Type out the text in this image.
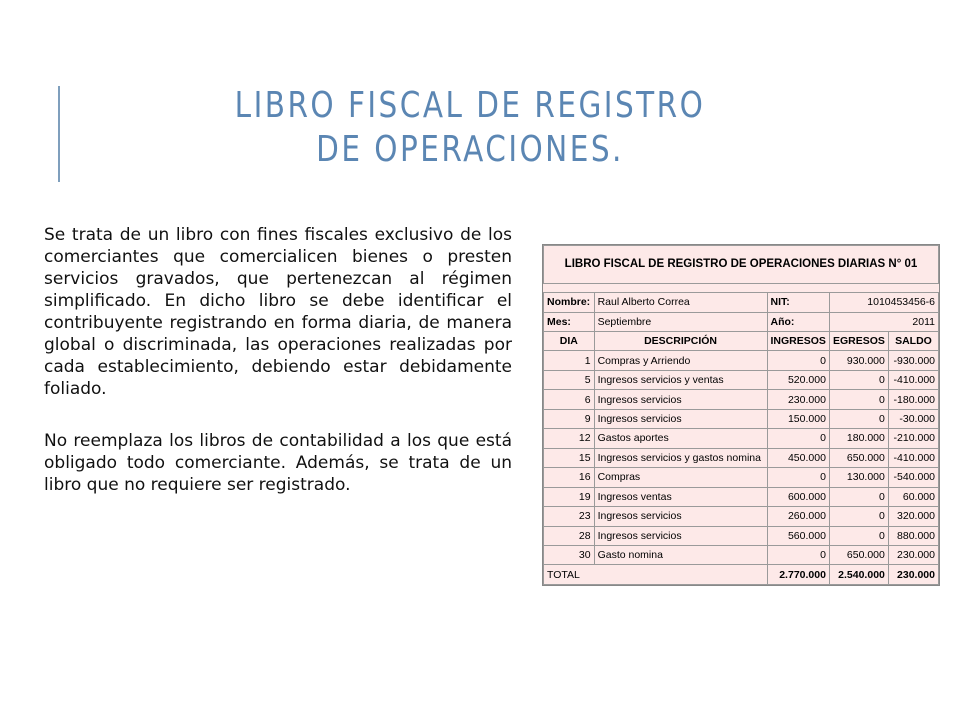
LIBRO FISCAL DE REGISTRO DE OPERACIONES.

Se trata de un libro con fines fiscales exclusivo de los comerciantes que comercialicen bienes o presten servicios gravados, que pertenezcan al régimen simplificado. En dicho libro se debe identificar el contribuyente registrando en forma diaria, de manera global o discriminada, las operaciones realizadas por cada establecimiento, debiendo estar debidamente foliado.

No reemplaza los libros de contabilidad a los que está obligado todo comerciante. Además, se trata de un libro que no requiere ser registrado.

LIBRO FISCAL DE REGISTRO DE OPERACIONES DIARIAS N° 01				

Nombre:	Raul Alberto Correa	NIT:	1010453456-6	
Mes:	Septiembre	Año:	2011	
DIA	DESCRIPCIÓN	INGRESOS	EGRESOS	SALDO
1	Compras y Arriendo	0	930.000	-930.000
5	Ingresos servicios y ventas	520.000	0	-410.000
6	Ingresos servicios	230.000	0	-180.000
9	Ingresos servicios	150.000	0	-30.000
12	Gastos aportes	0	180.000	-210.000
15	Ingresos servicios y gastos nomina	450.000	650.000	-410.000
16	Compras	0	130.000	-540.000
19	Ingresos ventas	600.000	0	60.000
23	Ingresos servicios	260.000	0	320.000
28	Ingresos servicios	560.000	0	880.000
30	Gasto nomina	0	650.000	230.000
TOTAL		2.770.000	2.540.000	230.000
